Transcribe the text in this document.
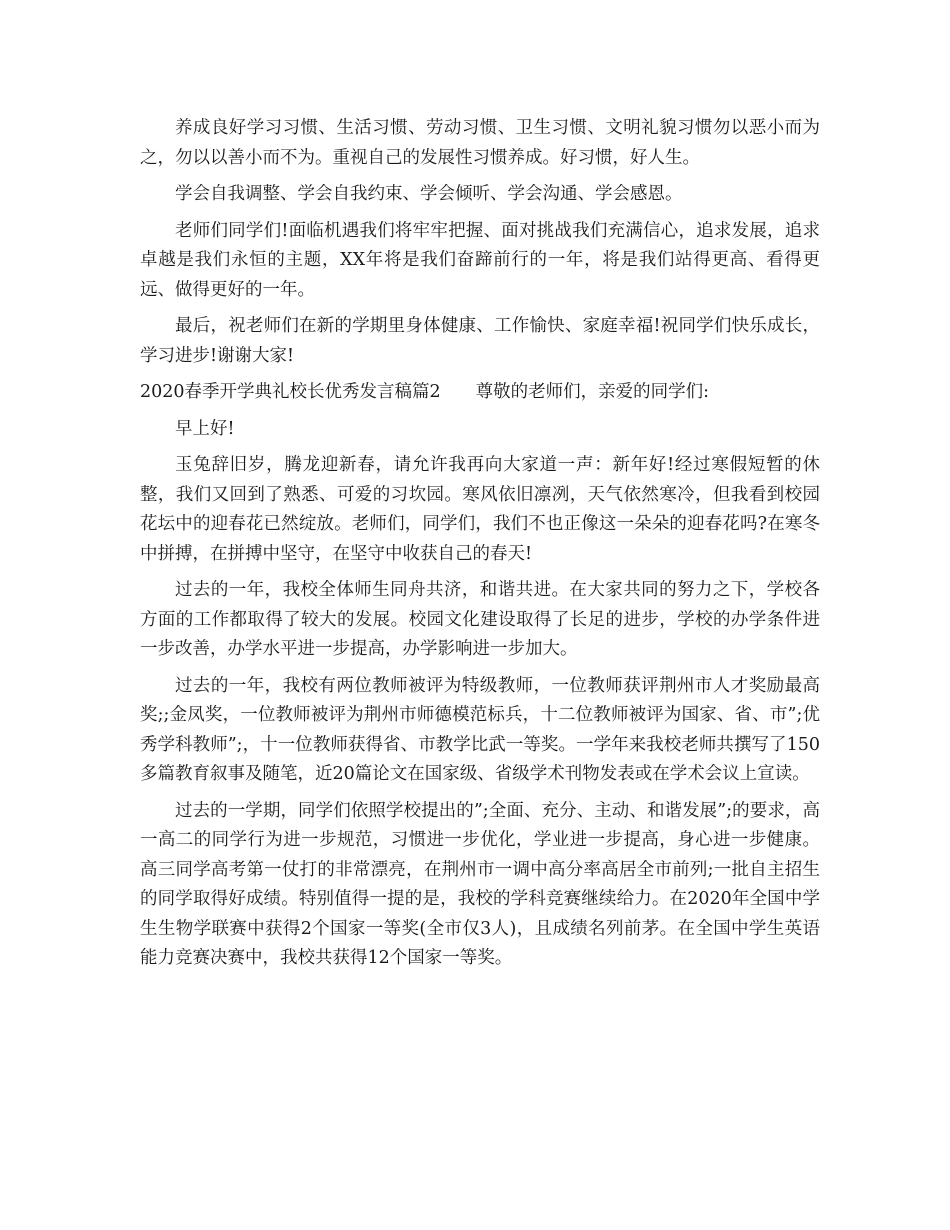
养成良好学习习惯、生活习惯、劳动习惯、卫生习惯、文明礼貌习惯勿以恶小而为之，勿以以善小而不为。重视自己的发展性习惯养成。好习惯，好人生。

学会自我调整、学会自我约束、学会倾听、学会沟通、学会感恩。

老师们同学们!面临机遇我们将牢牢把握、面对挑战我们充满信心，追求发展，追求卓越是我们永恒的主题，XX年将是我们奋蹄前行的一年，将是我们站得更高、看得更远、做得更好的一年。

最后，祝老师们在新的学期里身体健康、工作愉快、家庭幸福!祝同学们快乐成长，学习进步!谢谢大家!

2020春季开学典礼校长优秀发言稿篇2　　尊敬的老师们，亲爱的同学们:

早上好!

玉兔辞旧岁，腾龙迎新春，请允许我再向大家道一声：新年好!经过寒假短暂的休整，我们又回到了熟悉、可爱的习坎园。寒风依旧凛冽，天气依然寒冷，但我看到校园花坛中的迎春花已然绽放。老师们，同学们，我们不也正像这一朵朵的迎春花吗?在寒冬中拼搏，在拼搏中坚守，在坚守中收获自己的春天!

过去的一年，我校全体师生同舟共济，和谐共进。在大家共同的努力之下，学校各方面的工作都取得了较大的发展。校园文化建设取得了长足的进步，学校的办学条件进一步改善，办学水平进一步提高，办学影响进一步加大。

过去的一年，我校有两位教师被评为特级教师，一位教师获评荆州市人才奖励最高奖;;金凤奖，一位教师被评为荆州市师德模范标兵，十二位教师被评为国家、省、市”;优秀学科教师”;，十一位教师获得省、市教学比武一等奖。一学年来我校老师共撰写了150多篇教育叙事及随笔，近20篇论文在国家级、省级学术刊物发表或在学术会议上宣读。

过去的一学期，同学们依照学校提出的”;全面、充分、主动、和谐发展”;的要求，高一高二的同学行为进一步规范，习惯进一步优化，学业进一步提高，身心进一步健康。高三同学高考第一仗打的非常漂亮，在荆州市一调中高分率高居全市前列;一批自主招生的同学取得好成绩。特别值得一提的是，我校的学科竞赛继续给力。在2020年全国中学生生物学联赛中获得2个国家一等奖(全市仅3人)，且成绩名列前茅。在全国中学生英语能力竞赛决赛中，我校共获得12个国家一等奖。
